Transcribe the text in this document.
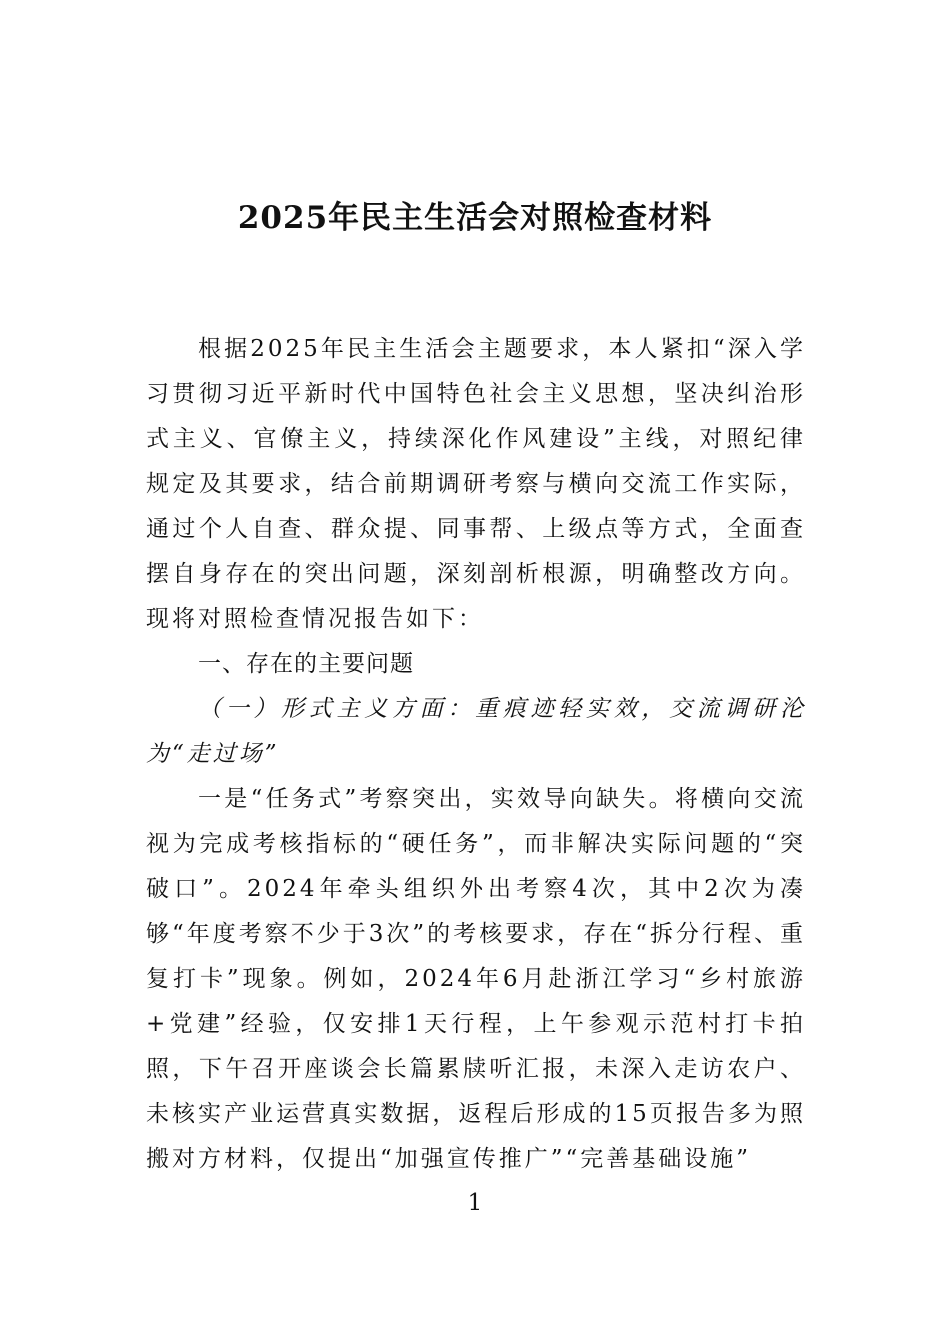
2025年民主生活会对照检查材料

根据2025年民主生活会主题要求，本人紧扣“深入学习贯彻习近平新时代中国特色社会主义思想，坚决纠治形式主义、官僚主义，持续深化作风建设”主线，对照纪律规定及其要求，结合前期调研考察与横向交流工作实际，通过个人自查、群众提、同事帮、上级点等方式，全面查摆自身存在的突出问题，深刻剖析根源，明确整改方向。现将对照检查情况报告如下：

一、存在的主要问题

（一）形式主义方面：重痕迹轻实效，交流调研沦为“走过场”

一是“任务式”考察突出，实效导向缺失。将横向交流视为完成考核指标的“硬任务”，而非解决实际问题的“突破口”。2024年牵头组织外出考察4次，其中2次为凑够“年度考察不少于3次”的考核要求，存在“拆分行程、重复打卡”现象。例如，2024年6月赴浙江学习“乡村旅游+党建”经验，仅安排1天行程，上午参观示范村打卡拍照，下午召开座谈会长篇累牍听汇报，未深入走访农户、未核实产业运营真实数据，返程后形成的15页报告多为照搬对方材料，仅提出“加强宣传推广”“完善基础设施”

1
